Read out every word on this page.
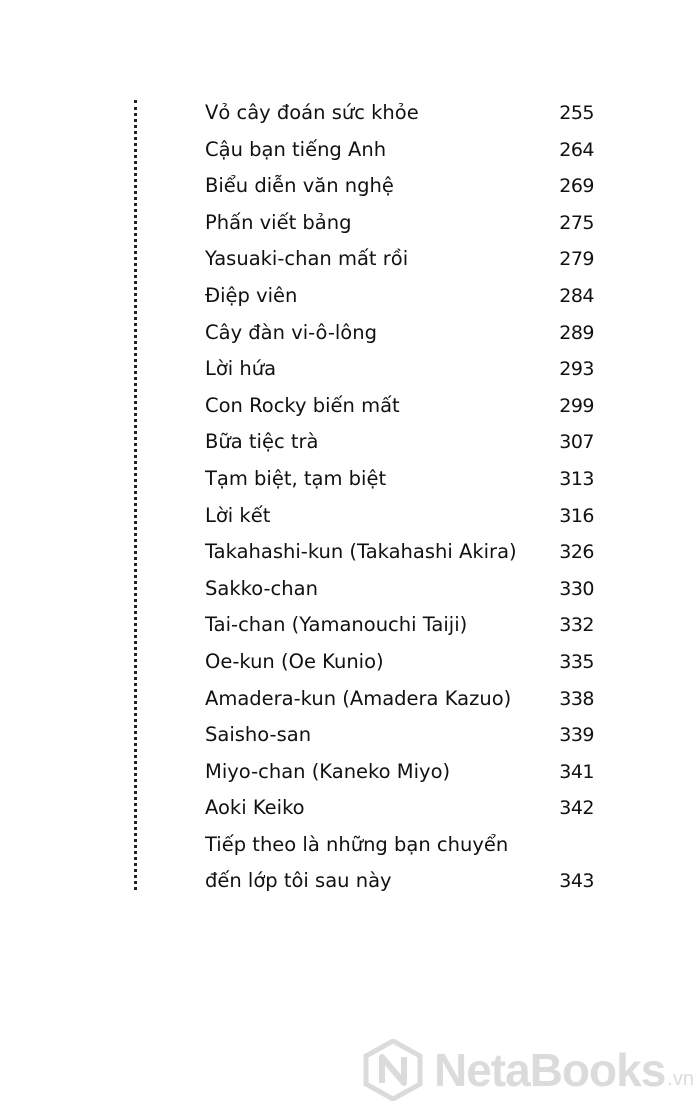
Vỏ cây đoán sức khỏe	255
Cậu bạn tiếng Anh	264
Biểu diễn văn nghệ	269
Phấn viết bảng	275
Yasuaki-chan mất rồi	279
Điệp viên	284
Cây đàn vi-ô-lông	289
Lời hứa	293
Con Rocky biến mất	299
Bữa tiệc trà	307
Tạm biệt, tạm biệt	313
Lời kết	316
Takahashi-kun (Takahashi Akira) 326
Sakko-chan	330
Tai-chan (Yamanouchi Taiji)	332
Oe-kun (Oe Kunio)	335
Amadera-kun (Amadera Kazuo)	338
Saisho-san	339
Miyo-chan (Kaneko Miyo)	341
Aoki Keiko	342
Tiếp theo là những bạn chuyển
đến lớp tôi sau này	343
NetaBooks .vn
